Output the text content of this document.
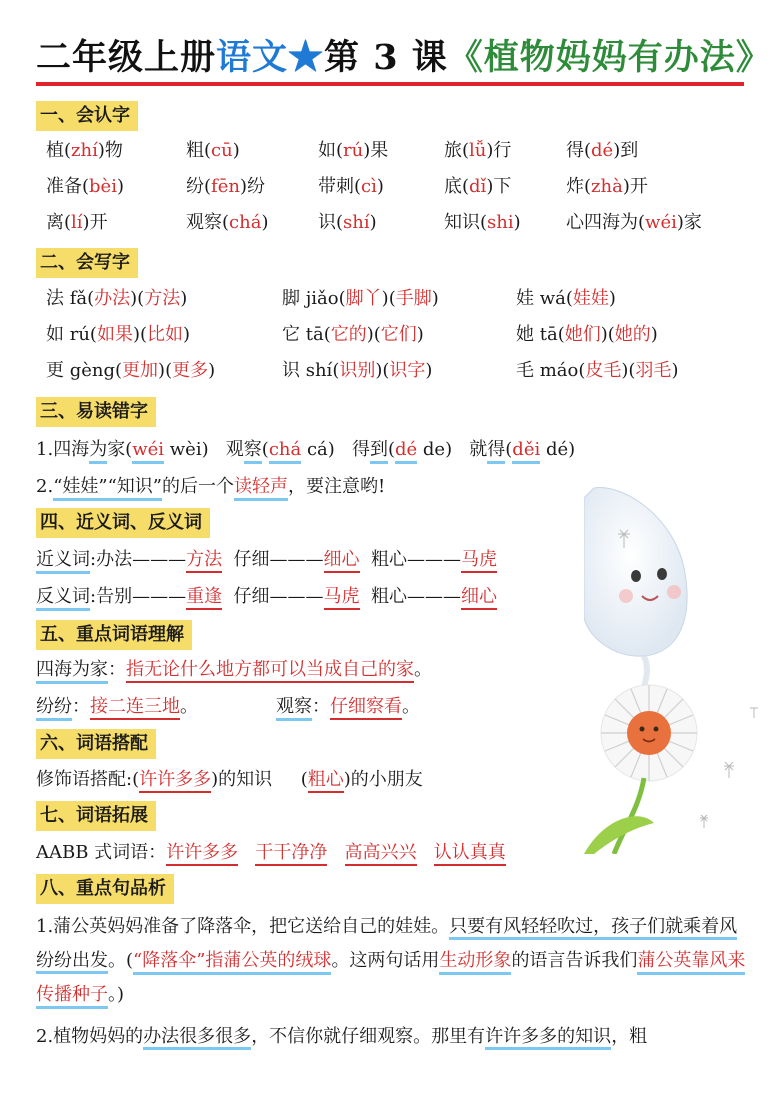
二年级上册语文★第 3 课《植物妈妈有办法》
一、会认字
植(zhí)物	粗(cū)	如(rú)果	旅(lǚ)行	得(dé)到
准备(bèi)	纷(fēn)纷	带刺(cì)	底(dǐ)下	炸(zhà)开
离(lí)开	观察(chá)	识(shí)	知识(shi)	心四海为(wéi)家
二、会写字
法 fǎ(办法)(方法)	脚 jiǎo(脚丫)(手脚)	娃 wá(娃娃)
如 rú(如果)(比如)	它 tā(它的)(它们)	她 tā(她们)(她的)
更 gèng(更加)(更多)	识 shí(识别)(识字)	毛 máo(皮毛)(羽毛)
三、易读错字
1.四海为家(wéi wèi) 观察(chá cá) 得到(dé de) 就得(děi dé)
2.“娃娃”“知识”的后一个读轻声，要注意哟!
四、近义词、反义词
近义词:办法———方法 仔细———细心 粗心———马虎
反义词:告别———重逢 仔细———马虎 粗心———细心
五、重点词语理解
四海为家：指无论什么地方都可以当成自己的家。
纷纷：接二连三地。	观察：仔细察看。
六、词语搭配
修饰语搭配:(许许多多)的知识 (粗心)的小朋友
七、词语拓展
AABB 式词语：许许多多 干干净净 高高兴兴 认认真真
八、重点句品析
1.蒲公英妈妈准备了降落伞，把它送给自己的娃娃。只要有风轻轻吹过，孩子们就乘着风纷纷出发。(“降落伞”指蒲公英的绒球。这两句话用生动形象的语言告诉我们蒲公英靠风来传播种子。)
2.植物妈妈的办法很多很多，不信你就仔细观察。那里有许许多多的知识，粗
